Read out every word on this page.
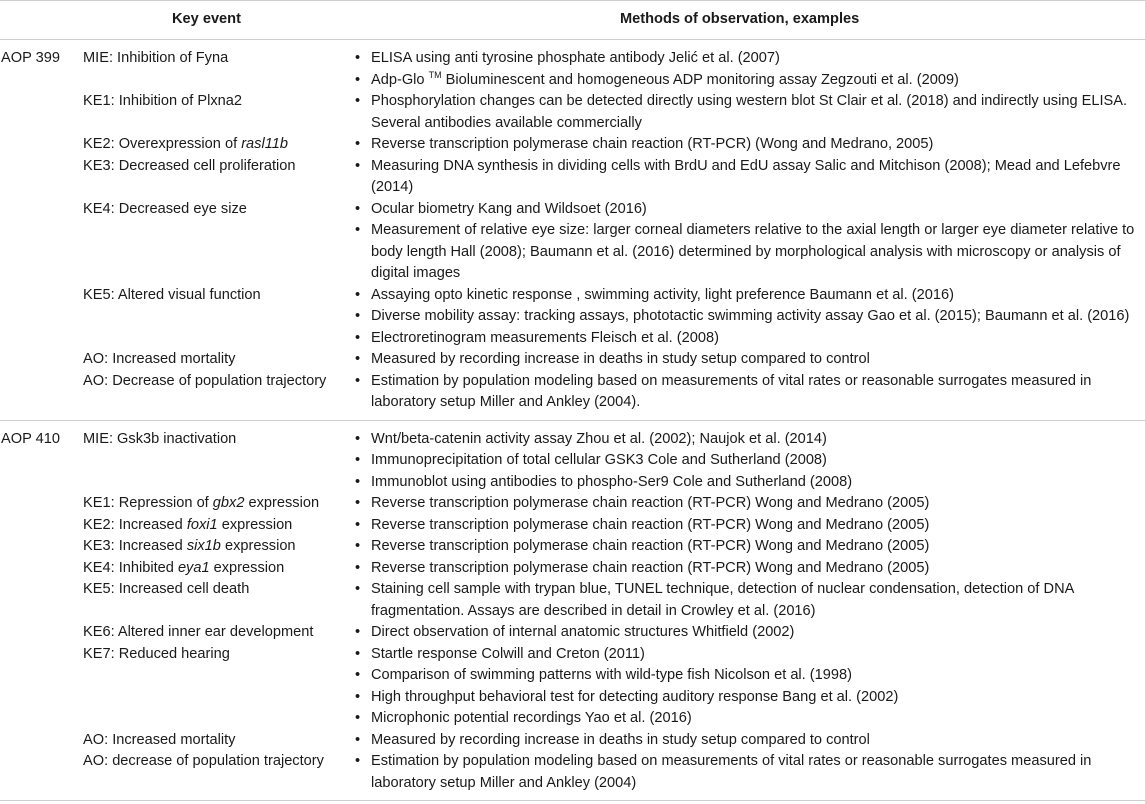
Key event	Methods of observation, examples
AOP 399	MIE: Inhibition of Fyna	• ELISA using anti tyrosine phosphate antibody Jelić et al. (2007)
• Adp-Glo ™ Bioluminescent and homogeneous ADP monitoring assay Zegzouti et al. (2009)
KE1: Inhibition of Plxna2	• Phosphorylation changes can be detected directly using western blot St Clair et al. (2018) and indirectly using ELISA. Several antibodies available commercially
KE2: Overexpression of rasl11b	• Reverse transcription polymerase chain reaction (RT-PCR) (Wong and Medrano, 2005)
KE3: Decreased cell proliferation	• Measuring DNA synthesis in dividing cells with BrdU and EdU assay Salic and Mitchison (2008); Mead and Lefebvre (2014)
KE4: Decreased eye size	• Ocular biometry Kang and Wildsoet (2016)
• Measurement of relative eye size: larger corneal diameters relative to the axial length or larger eye diameter relative to body length Hall (2008); Baumann et al. (2016) determined by morphological analysis with microscopy or analysis of digital images
KE5: Altered visual function	• Assaying opto kinetic response , swimming activity, light preference Baumann et al. (2016)
• Diverse mobility assay: tracking assays, phototactic swimming activity assay Gao et al. (2015); Baumann et al. (2016)
• Electroretinogram measurements Fleisch et al. (2008)
AO: Increased mortality	• Measured by recording increase in deaths in study setup compared to control
AO: Decrease of population trajectory	• Estimation by population modeling based on measurements of vital rates or reasonable surrogates measured in laboratory setup Miller and Ankley (2004).
AOP 410	MIE: Gsk3b inactivation	• Wnt/beta-catenin activity assay Zhou et al. (2002); Naujok et al. (2014)
• Immunoprecipitation of total cellular GSK3 Cole and Sutherland (2008)
• Immunoblot using antibodies to phospho-Ser9 Cole and Sutherland (2008)
KE1: Repression of gbx2 expression	• Reverse transcription polymerase chain reaction (RT-PCR) Wong and Medrano (2005)
KE2: Increased foxi1 expression	• Reverse transcription polymerase chain reaction (RT-PCR) Wong and Medrano (2005)
KE3: Increased six1b expression	• Reverse transcription polymerase chain reaction (RT-PCR) Wong and Medrano (2005)
KE4: Inhibited eya1 expression	• Reverse transcription polymerase chain reaction (RT-PCR) Wong and Medrano (2005)
KE5: Increased cell death	• Staining cell sample with trypan blue, TUNEL technique, detection of nuclear condensation, detection of DNA fragmentation. Assays are described in detail in Crowley et al. (2016)
KE6: Altered inner ear development	• Direct observation of internal anatomic structures Whitfield (2002)
KE7: Reduced hearing	• Startle response Colwill and Creton (2011)
• Comparison of swimming patterns with wild-type fish Nicolson et al. (1998)
• High throughput behavioral test for detecting auditory response Bang et al. (2002)
• Microphonic potential recordings Yao et al. (2016)
AO: Increased mortality	• Measured by recording increase in deaths in study setup compared to control
AO: decrease of population trajectory	• Estimation by population modeling based on measurements of vital rates or reasonable surrogates measured in laboratory setup Miller and Ankley (2004)
